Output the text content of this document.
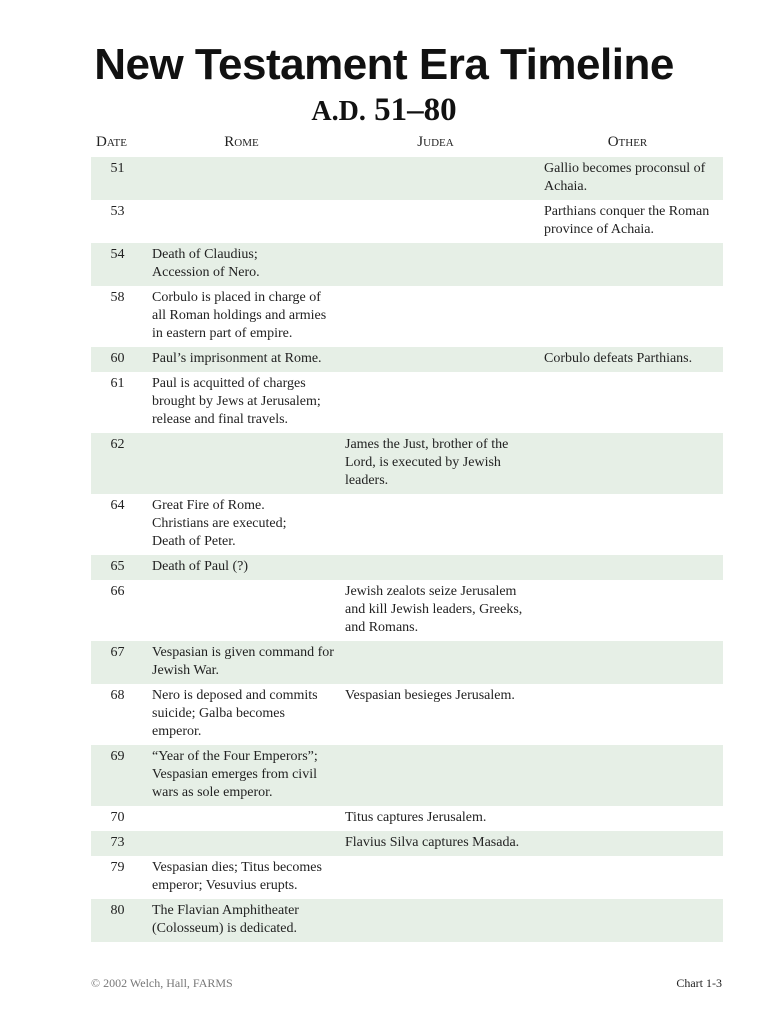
New Testament Era Timeline
A.D. 51–80
Date	Rome	Judea	Other
51			Gallio becomes proconsul of Achaia.
53			Parthians conquer the Roman province of Achaia.
54	Death of Claudius;
Accession of Nero.		
58	Corbulo is placed in charge of all Roman holdings and armies in eastern part of empire.		
60	Paul’s imprisonment at Rome.		Corbulo defeats Parthians.
61	Paul is acquitted of charges brought by Jews at Jerusalem; release and final travels.		
62		James the Just, brother of the Lord, is executed by Jewish leaders.	
64	Great Fire of Rome.
Christians are executed;
Death of Peter.		
65	Death of Paul (?)		
66		Jewish zealots seize Jerusalem and kill Jewish leaders, Greeks, and Romans.	
67	Vespasian is given command for Jewish War.		
68	Nero is deposed and commits suicide; Galba becomes emperor.	Vespasian besieges Jerusalem.	
69	“Year of the Four Emperors”; Vespasian emerges from civil wars as sole emperor.		
70		Titus captures Jerusalem.	
73		Flavius Silva captures Masada.	
79	Vespasian dies; Titus becomes emperor; Vesuvius erupts.		
80	The Flavian Amphitheater (Colosseum) is dedicated.		
© 2002 Welch, Hall, FARMS	Chart 1-3
